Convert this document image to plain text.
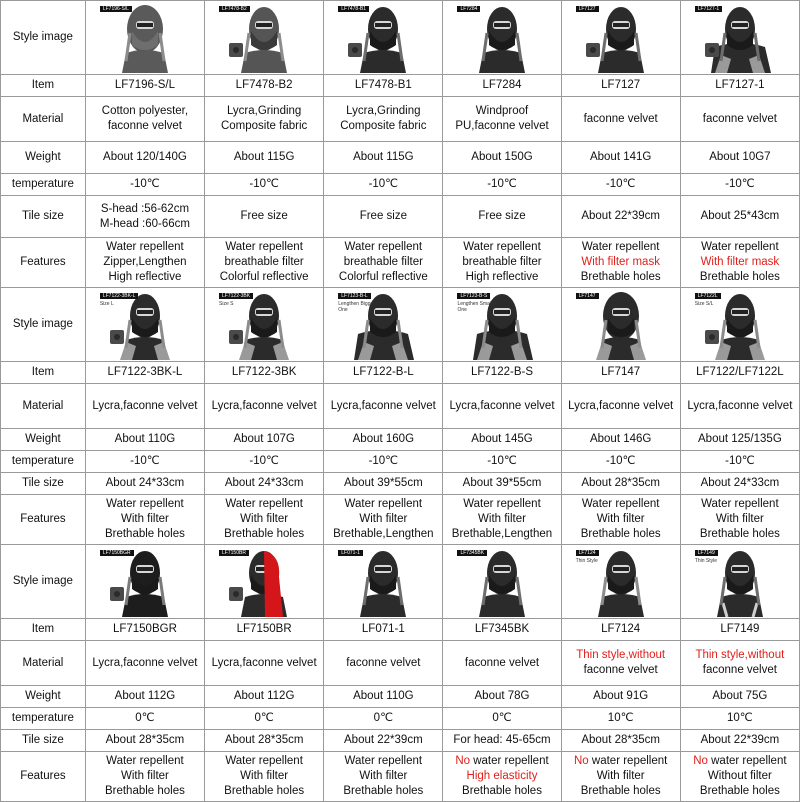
Style image	LF7196-S/L	LF7478-B2	LF7478-B1	LF7284	LF7127	LF7127-1

Item	LF7196-S/L	LF7478-B2	LF7478-B1	LF7284	LF7127	LF7127-1
Material	Cotton polyester,
faconne velvet	Lycra,Grinding
Composite fabric	Lycra,Grinding
Composite fabric	Windproof
PU,faconne velvet	faconne velvet	faconne velvet

Weight	About 120/140G	About 115G	About 115G	About 150G	About 141G	About 10G7
temperature	-10℃	-10℃	-10℃	-10℃	-10℃	-10℃
Tile size	S-head :56-62cm
M-head :60-66cm	Free size	Free size	Free size	About 22*39cm	About 25*43cm

Features	Water repellent
Zipper,Lengthen
High reflective	Water repellent
breathable filter
Colorful reflective	Water repellent
breathable filter
Colorful reflective	Water repellent
breathable filter
High reflective	Water repellent
With filter mask
Brethable holes	Water repellent
With filter mask
Brethable holes

Style image	LF7122-3BK-L
Size L	LF7122-3BK
Size S	LF7123-B-L
Lengthen Bigger One	LF7123-B-S
Lengthen Smaller One	LF7147	LF7122L
Size S/L

Item	LF7122-3BK-L	LF7122-3BK	LF7122-B-L	LF7122-B-S	LF7147	LF7122/LF7122L
Material	Lycra,faconne velvet	Lycra,faconne velvet	Lycra,faconne velvet	Lycra,faconne velvet	Lycra,faconne velvet	Lycra,faconne velvet

Weight	About 110G	About 107G	About 160G	About 145G	About 146G	About 125/135G
temperature	-10℃	-10℃	-10℃	-10℃	-10℃	-10℃
Tile size	About 24*33cm	About 24*33cm	About 39*55cm	About 39*55cm	About 28*35cm	About 24*33cm

Features	Water repellent
With filter
Brethable holes	Water repellent
With filter
Brethable holes	Water repellent
With filter
Brethable,Lengthen	Water repellent
With filter
Brethable,Lengthen	Water repellent
With filter
Brethable holes	Water repellent
With filter
Brethable holes

Style image	LF7150BGR	LF7150BR	LF071-1	LF7345BK	LF7124
Thin Style	LF7149
Thin Style

Item	LF7150BGR	LF7150BR	LF071-1	LF7345BK	LF7124	LF7149
Material	Lycra,faconne velvet	Lycra,faconne velvet	faconne velvet	faconne velvet	Thin style,without
faconne velvet	Thin style,without
faconne velvet

Weight	About 112G	About 112G	About 110G	About 78G	About 91G	About 75G
temperature	0℃	0℃	0℃	0℃	10℃	10℃
Tile size	About 28*35cm	About 28*35cm	About 22*39cm	For head: 45-65cm	About 28*35cm	About 22*39cm

Features	Water repellent
With filter
Brethable holes	Water repellent
With filter
Brethable holes	Water repellent
With filter
Brethable holes	No water repellent
High elasticity
Brethable holes	No water repellent
With filter
Brethable holes	No water repellent
Without filter
Brethable holes
